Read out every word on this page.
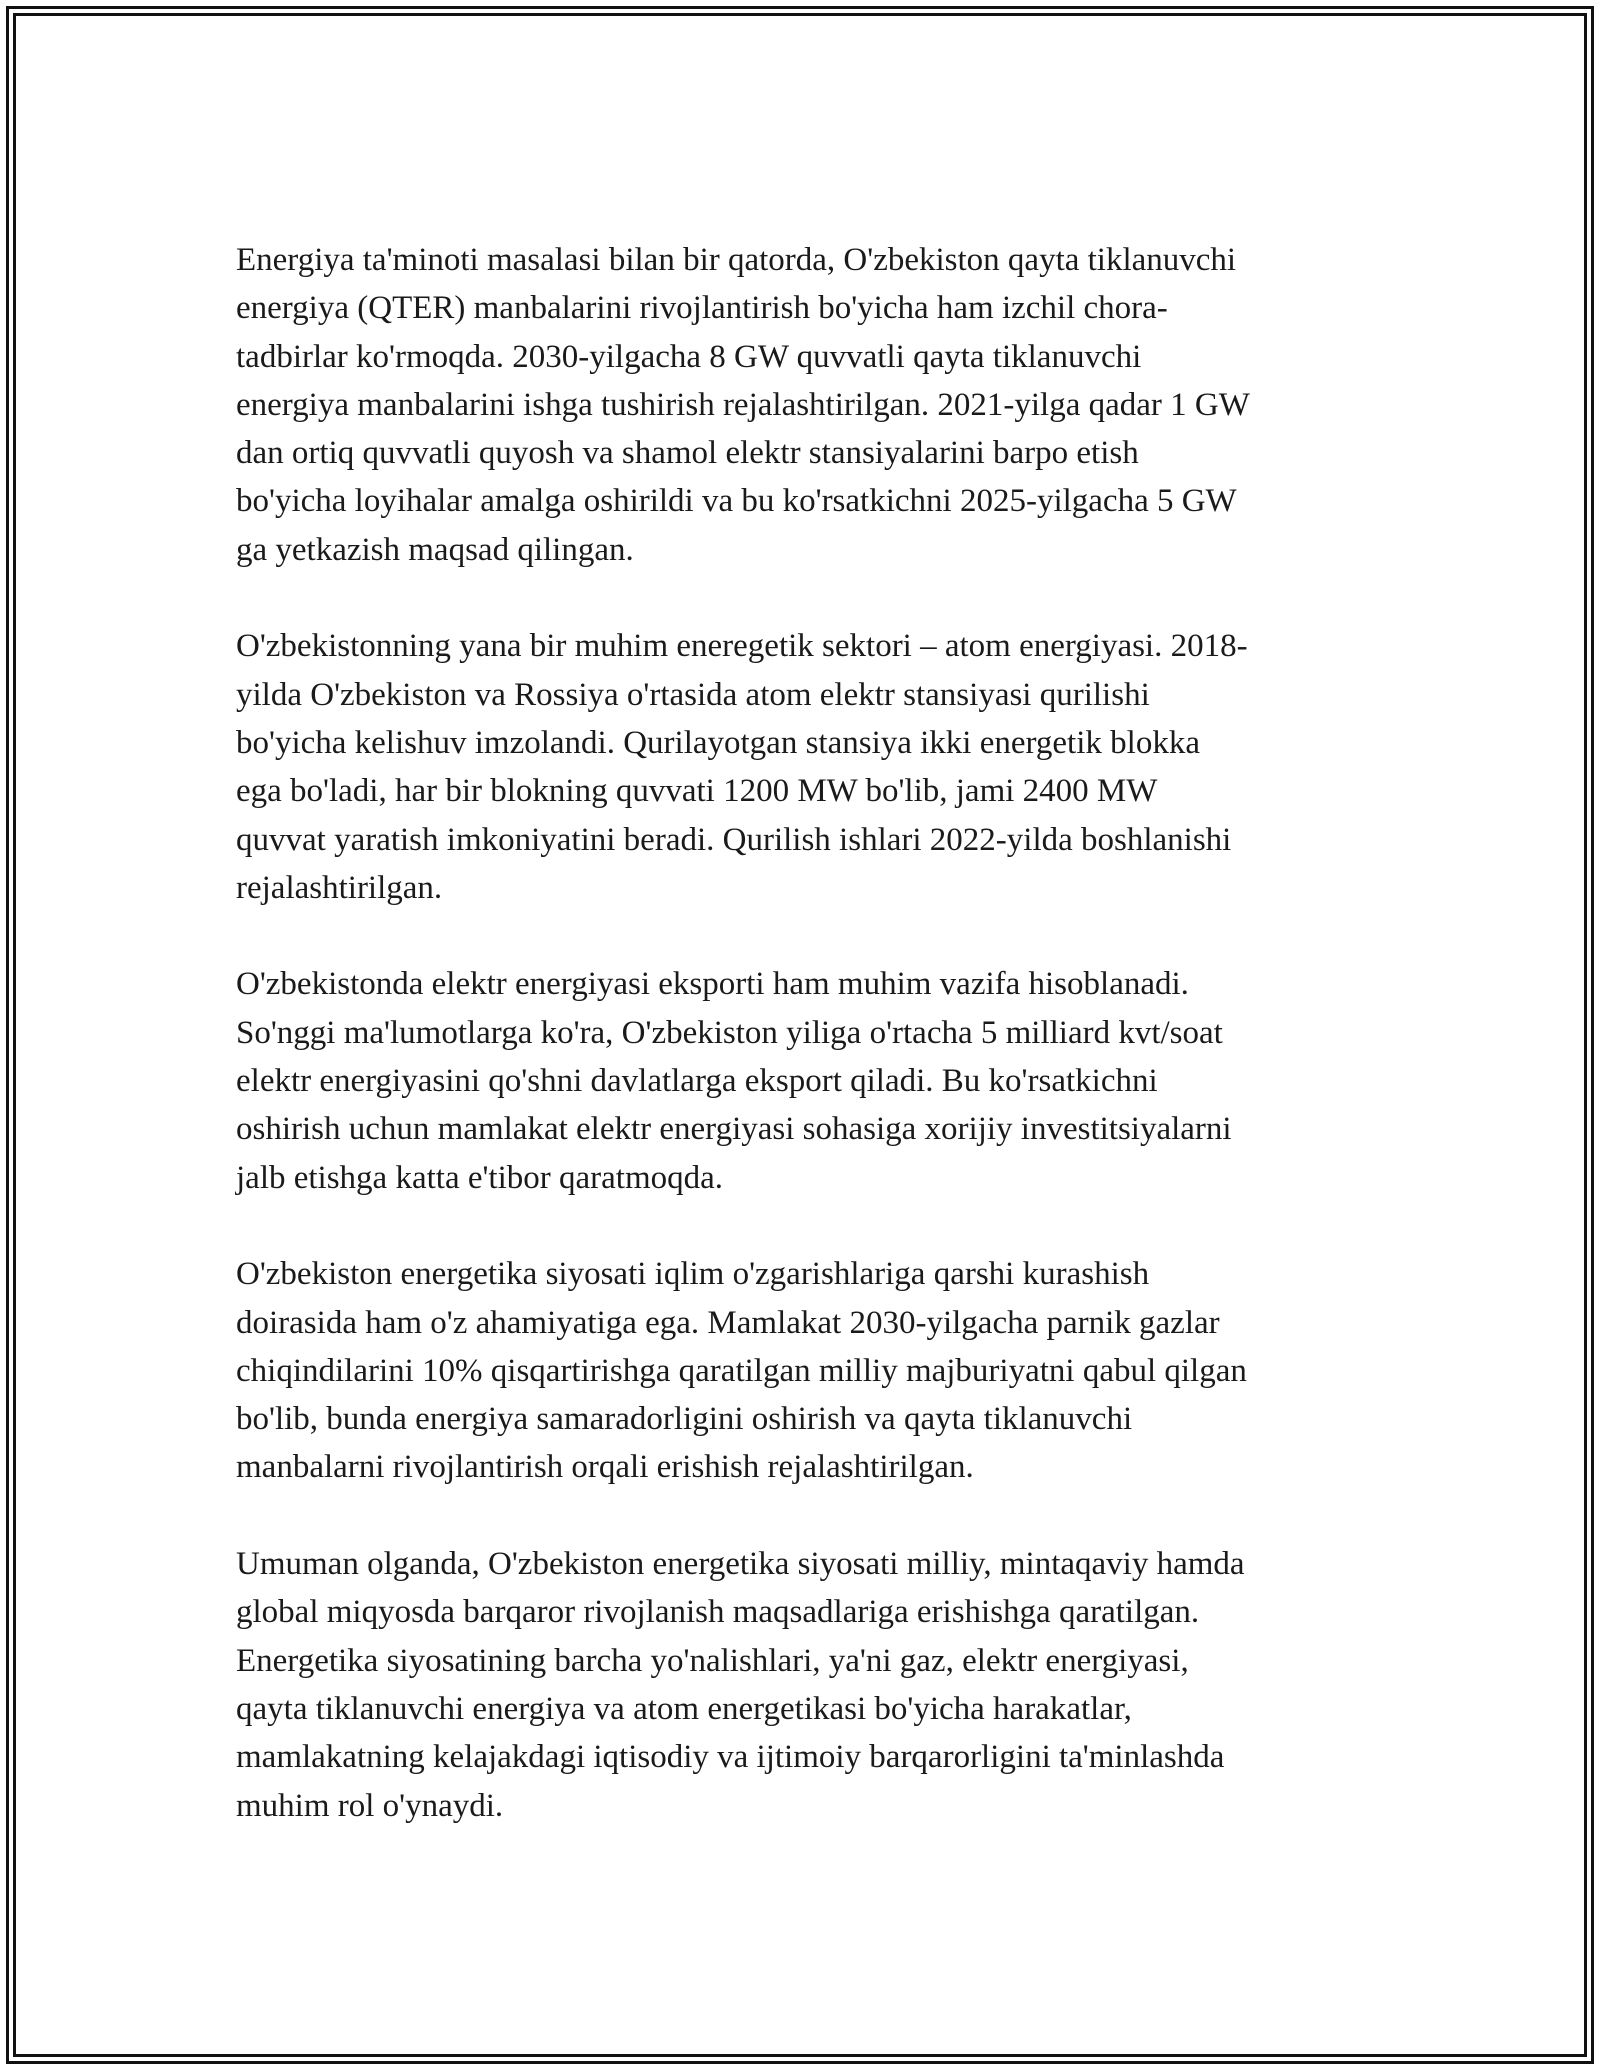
Energiya ta'minoti masalasi bilan bir qatorda, O'zbekiston qayta tiklanuvchi
energiya (QTER) manbalarini rivojlantirish bo'yicha ham izchil chora-
tadbirlar ko'rmoqda. 2030-yilgacha 8 GW quvvatli qayta tiklanuvchi
energiya manbalarini ishga tushirish rejalashtirilgan. 2021-yilga qadar 1 GW
dan ortiq quvvatli quyosh va shamol elektr stansiyalarini barpo etish
bo'yicha loyihalar amalga oshirildi va bu ko'rsatkichni 2025-yilgacha 5 GW
ga yetkazish maqsad qilingan.

O'zbekistonning yana bir muhim eneregetik sektori – atom energiyasi. 2018-
yilda O'zbekiston va Rossiya o'rtasida atom elektr stansiyasi qurilishi
bo'yicha kelishuv imzolandi. Qurilayotgan stansiya ikki energetik blokka
ega bo'ladi, har bir blokning quvvati 1200 MW bo'lib, jami 2400 MW
quvvat yaratish imkoniyatini beradi. Qurilish ishlari 2022-yilda boshlanishi
rejalashtirilgan.

O'zbekistonda elektr energiyasi eksporti ham muhim vazifa hisoblanadi.
So'nggi ma'lumotlarga ko'ra, O'zbekiston yiliga o'rtacha 5 milliard kvt/soat
elektr energiyasini qo'shni davlatlarga eksport qiladi. Bu ko'rsatkichni
oshirish uchun mamlakat elektr energiyasi sohasiga xorijiy investitsiyalarni
jalb etishga katta e'tibor qaratmoqda.

O'zbekiston energetika siyosati iqlim o'zgarishlariga qarshi kurashish
doirasida ham o'z ahamiyatiga ega. Mamlakat 2030-yilgacha parnik gazlar
chiqindilarini 10% qisqartirishga qaratilgan milliy majburiyatni qabul qilgan
bo'lib, bunda energiya samaradorligini oshirish va qayta tiklanuvchi
manbalarni rivojlantirish orqali erishish rejalashtirilgan.

Umuman olganda, O'zbekiston energetika siyosati milliy, mintaqaviy hamda
global miqyosda barqaror rivojlanish maqsadlariga erishishga qaratilgan.
Energetika siyosatining barcha yo'nalishlari, ya'ni gaz, elektr energiyasi,
qayta tiklanuvchi energiya va atom energetikasi bo'yicha harakatlar,
mamlakatning kelajakdagi iqtisodiy va ijtimoiy barqarorligini ta'minlashda
muhim rol o'ynaydi.
